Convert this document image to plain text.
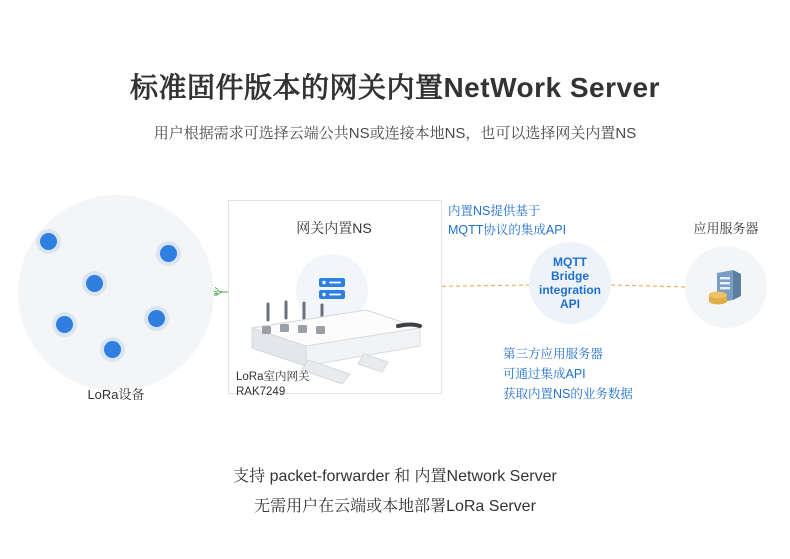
标准固件版本的网关内置NetWork Server
用户根据需求可选择云端公共NS或连接本地NS，也可以选择网关内置NS
LoRa设备
网关内置NS
LoRa室内网关
RAK7249
内置NS提供基于
MQTT协议的集成API
MQTT
Bridge
integration
API
第三方应用服务器
可通过集成API
获取内置NS的业务数据
应用服务器
支持 packet-forwarder 和 内置Network Server
无需用户在云端或本地部署LoRa Server
